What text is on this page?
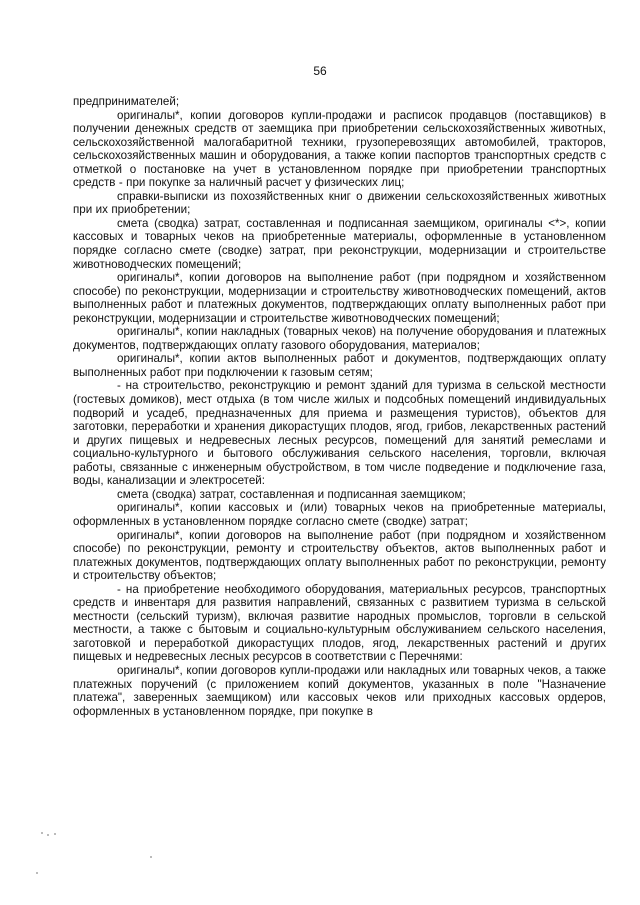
56

предпринимателей;

оригиналы*, копии договоров купли-продажи и расписок продавцов (поставщиков) в получении денежных средств от заемщика при приобретении сельскохозяйственных животных, сельскохозяйственной малогабаритной техники, грузоперевозящих автомобилей, тракторов, сельскохозяйственных машин и оборудования, а также копии паспортов транспортных средств с отметкой о постановке на учет в установленном порядке при приобретении транспортных средств - при покупке за наличный расчет у физических лиц;

справки-выписки из похозяйственных книг о движении сельскохозяйственных животных при их приобретении;

смета (сводка) затрат, составленная и подписанная заемщиком, оригиналы <*>, копии кассовых и товарных чеков на приобретенные материалы, оформленные в установленном порядке согласно смете (сводке) затрат, при реконструкции, модернизации и строительстве животноводческих помещений;

оригиналы*, копии договоров на выполнение работ (при подрядном и хозяйственном способе) по реконструкции, модернизации и строительству животноводческих помещений, актов выполненных работ и платежных документов, подтверждающих оплату выполненных работ при реконструкции, модернизации и строительстве животноводческих помещений;

оригиналы*, копии накладных (товарных чеков) на получение оборудования и платежных документов, подтверждающих оплату газового оборудования, материалов;

оригиналы*, копии актов выполненных работ и документов, подтверждающих оплату выполненных работ при подключении к газовым сетям;

- на строительство, реконструкцию и ремонт зданий для туризма в сельской местности (гостевых домиков), мест отдыха (в том числе жилых и подсобных помещений индивидуальных подворий и усадеб, предназначенных для приема и размещения туристов), объектов для заготовки, переработки и хранения дикорастущих плодов, ягод, грибов, лекарственных растений и других пищевых и недревесных лесных ресурсов, помещений для занятий ремеслами и социально-культурного и бытового обслуживания сельского населения, торговли, включая работы, связанные с инженерным обустройством, в том числе подведение и подключение газа, воды, канализации и электросетей:

смета (сводка) затрат, составленная и подписанная заемщиком;

оригиналы*, копии кассовых и (или) товарных чеков на приобретенные материалы, оформленных в установленном порядке согласно смете (сводке) затрат;

оригиналы*, копии договоров на выполнение работ (при подрядном и хозяйственном способе) по реконструкции, ремонту и строительству объектов, актов выполненных работ и платежных документов, подтверждающих оплату выполненных работ по реконструкции, ремонту и строительству объектов;

- на приобретение необходимого оборудования, материальных ресурсов, транспортных средств и инвентаря для развития направлений, связанных с развитием туризма в сельской местности (сельский туризм), включая развитие народных промыслов, торговли в сельской местности, а также с бытовым и социально-культурным обслуживанием сельского населения, заготовкой и переработкой дикорастущих плодов, ягод, лекарственных растений и других пищевых и недревесных лесных ресурсов в соответствии с Перечнями:

оригиналы*, копии договоров купли-продажи или накладных или товарных чеков, а также платежных поручений (с приложением копий документов, указанных в поле "Назначение платежа", заверенных заемщиком) или кассовых чеков или приходных кассовых ордеров, оформленных в установленном порядке, при покупке в
